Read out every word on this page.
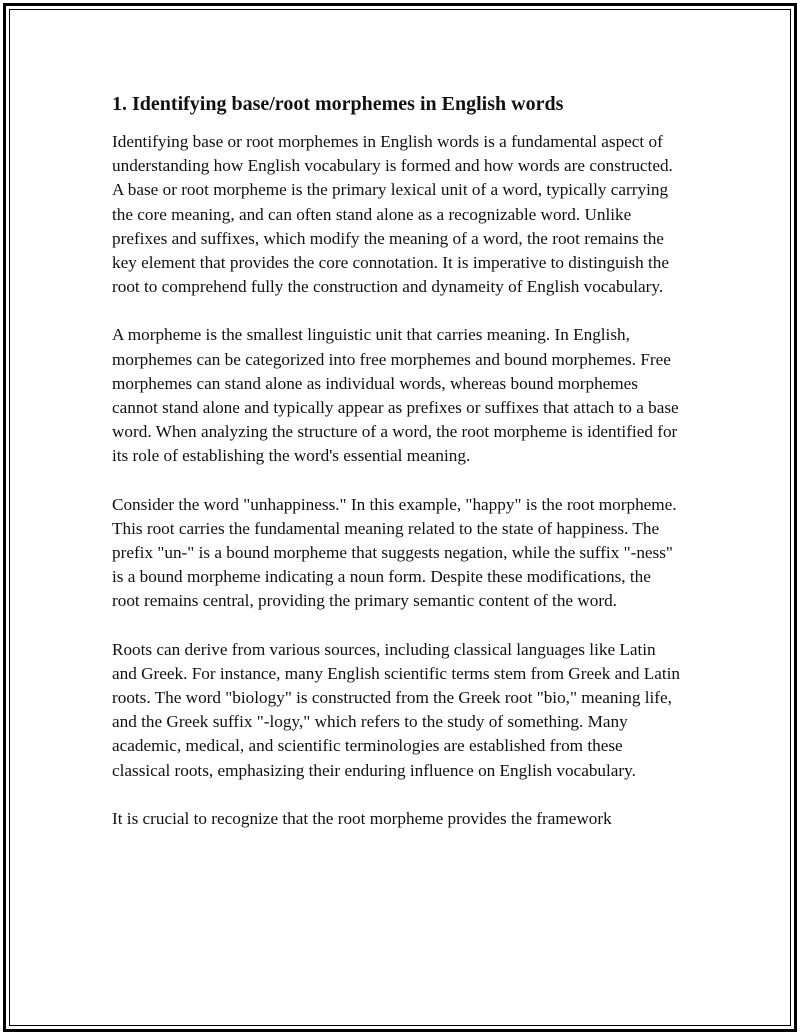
1. Identifying base/root morphemes in English words

Identifying base or root morphemes in English words is a fundamental aspect of understanding how English vocabulary is formed and how words are constructed. A base or root morpheme is the primary lexical unit of a word, typically carrying the core meaning, and can often stand alone as a recognizable word. Unlike prefixes and suffixes, which modify the meaning of a word, the root remains the key element that provides the core connotation. It is imperative to distinguish the root to comprehend fully the construction and dynameity of English vocabulary.

A morpheme is the smallest linguistic unit that carries meaning. In English, morphemes can be categorized into free morphemes and bound morphemes. Free morphemes can stand alone as individual words, whereas bound morphemes cannot stand alone and typically appear as prefixes or suffixes that attach to a base word. When analyzing the structure of a word, the root morpheme is identified for its role of establishing the word's essential meaning.

Consider the word "unhappiness." In this example, "happy" is the root morpheme. This root carries the fundamental meaning related to the state of happiness. The prefix "un-" is a bound morpheme that suggests negation, while the suffix "-ness" is a bound morpheme indicating a noun form. Despite these modifications, the root remains central, providing the primary semantic content of the word.

Roots can derive from various sources, including classical languages like Latin and Greek. For instance, many English scientific terms stem from Greek and Latin roots. The word "biology" is constructed from the Greek root "bio," meaning life, and the Greek suffix "-logy," which refers to the study of something. Many academic, medical, and scientific terminologies are established from these classical roots, emphasizing their enduring influence on English vocabulary.

It is crucial to recognize that the root morpheme provides the framework
